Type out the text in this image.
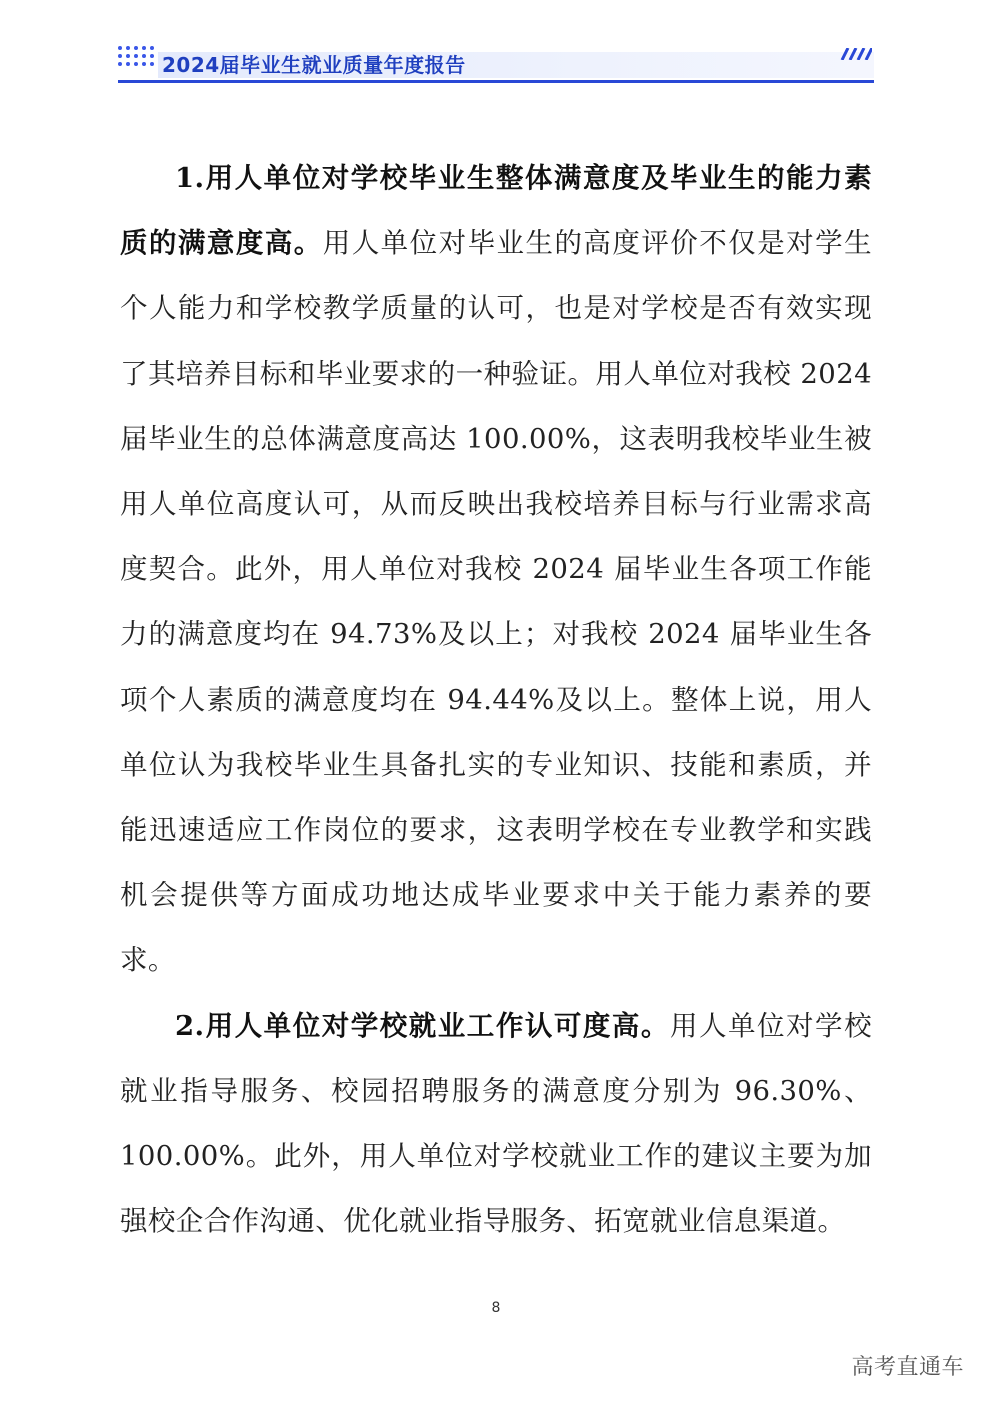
2024届毕业生就业质量年度报告

1.用人单位对学校毕业生整体满意度及毕业生的能力素质的满意度高。用人单位对毕业生的高度评价不仅是对学生个人能力和学校教学质量的认可，也是对学校是否有效实现了其培养目标和毕业要求的一种验证。用人单位对我校 2024 届毕业生的总体满意度高达 100.00%，这表明我校毕业生被用人单位高度认可，从而反映出我校培养目标与行业需求高度契合。此外，用人单位对我校 2024 届毕业生各项工作能力的满意度均在 94.73%及以上；对我校 2024 届毕业生各项个人素质的满意度均在 94.44%及以上。整体上说，用人单位认为我校毕业生具备扎实的专业知识、技能和素质，并能迅速适应工作岗位的要求，这表明学校在专业教学和实践机会提供等方面成功地达成毕业要求中关于能力素养的要求。

2.用人单位对学校就业工作认可度高。用人单位对学校就业指导服务、校园招聘服务的满意度分别为 96.30%、100.00%。此外，用人单位对学校就业工作的建议主要为加强校企合作沟通、优化就业指导服务、拓宽就业信息渠道。

8
高考直通车
